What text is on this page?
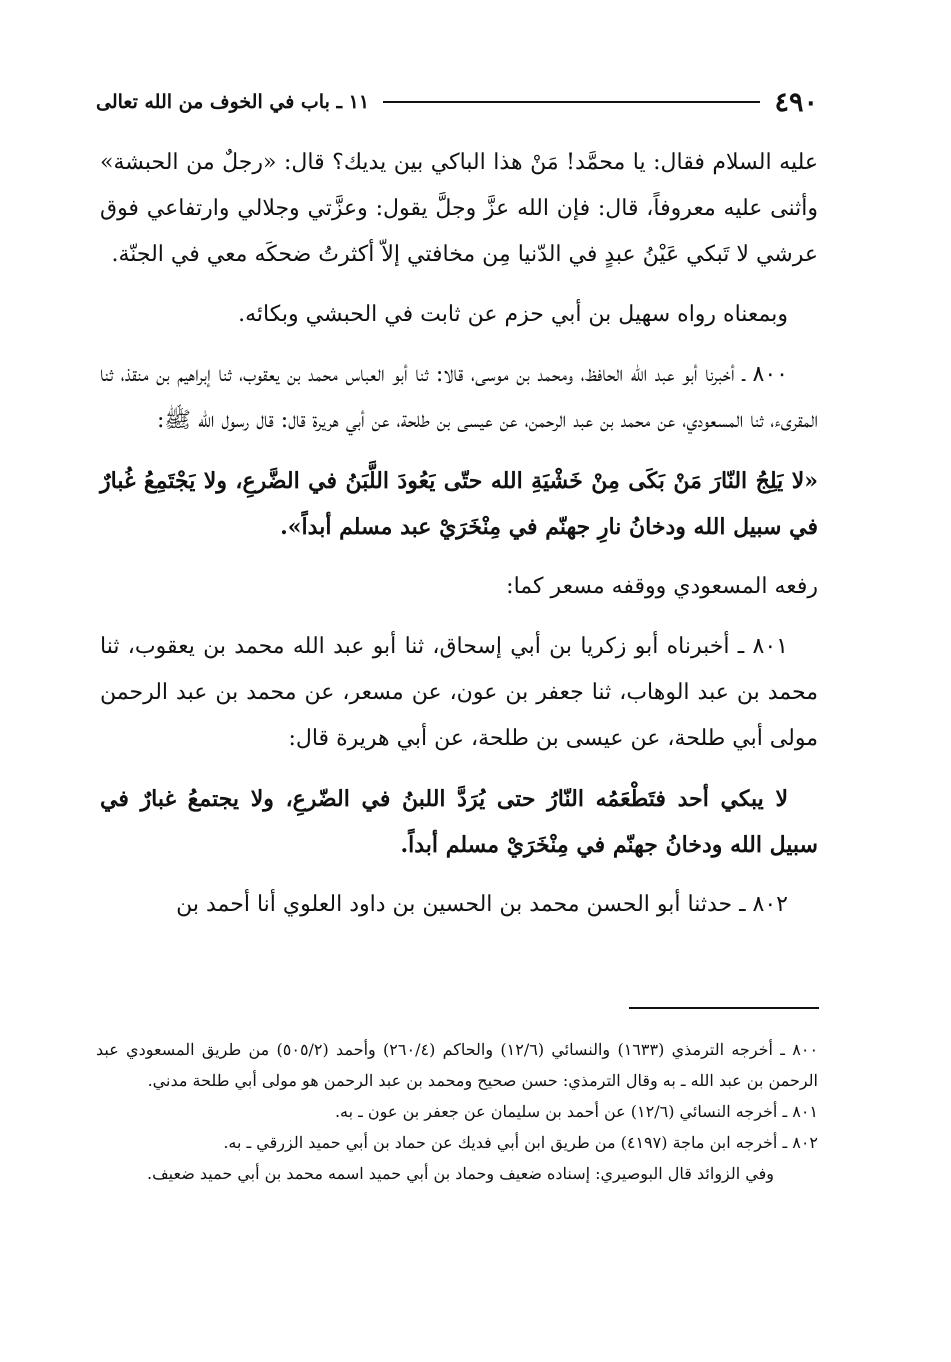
٤٩٠
١١ ـ باب في الخوف من الله تعالى

عليه السلام فقال: يا محمَّد! مَنْ هذا الباكي بين يديك؟ قال: «رجلٌ من الحبشة» وأثنى عليه معروفاً، قال: فإن الله عزَّ وجلَّ يقول: وعزَّتي وجلالي وارتفاعي فوق عرشي لا تَبكي عَيْنُ عبدٍ في الدّنيا مِن مخافتي إلاّ أكثرتُ ضحكَه معي في الجنّة.

وبمعناه رواه سهيل بن أبي حزم عن ثابت في الحبشي وبكائه.

٨٠٠ ـ أخبرنا أبو عبد الله الحافظ، ومحمد بن موسى، قالا: ثنا أبو العباس محمد بن يعقوب، ثنا إبراهيم بن منقذ، ثنا المقرىء، ثنا المسعودي، عن محمد بن عبد الرحمن، عن عيسى بن طلحة، عن أبي هريرة قال: قال رسول الله ﷺ:

«لا يَلِجُ النّارَ مَنْ بَكَى مِنْ خَشْيَةِ الله حتّى يَعُودَ اللَّبَنُ في الضَّرعِ، ولا يَجْتَمِعُ غُبارٌ في سبيل الله ودخانُ نارِ جهنّم في مِنْخَرَيْ عبد مسلم أبداً».

رفعه المسعودي ووقفه مسعر كما:

٨٠١ ـ أخبرناه أبو زكريا بن أبي إسحاق، ثنا أبو عبد الله محمد بن يعقوب، ثنا محمد بن عبد الوهاب، ثنا جعفر بن عون، عن مسعر، عن محمد بن عبد الرحمن مولى أبي طلحة، عن عيسى بن طلحة، عن أبي هريرة قال:

لا يبكي أحد فتَطْعَمُه النّارُ حتى يُرَدَّ اللبنُ في الضّرعِ، ولا يجتمعُ غبارٌ في سبيل الله ودخانُ جهنّم في مِنْخَرَيْ مسلم أبداً.

٨٠٢ ـ حدثنا أبو الحسن محمد بن الحسين بن داود العلوي أنا أحمد بن

٨٠٠ ـ أخرجه الترمذي (١٦٣٣) والنسائي (١٢/٦) والحاكم (٢٦٠/٤) وأحمد (٥٠٥/٢) من طريق المسعودي عبد الرحمن بن عبد الله ـ به وقال الترمذي: حسن صحيح ومحمد بن عبد الرحمن هو مولى أبي طلحة مدني.

٨٠١ ـ أخرجه النسائي (١٢/٦) عن أحمد بن سليمان عن جعفر بن عون ـ به.

٨٠٢ ـ أخرجه ابن ماجة (٤١٩٧) من طريق ابن أبي فديك عن حماد بن أبي حميد الزرقي ـ به.

وفي الزوائد قال البوصيري: إسناده ضعيف وحماد بن أبي حميد اسمه محمد بن أبي حميد ضعيف.
